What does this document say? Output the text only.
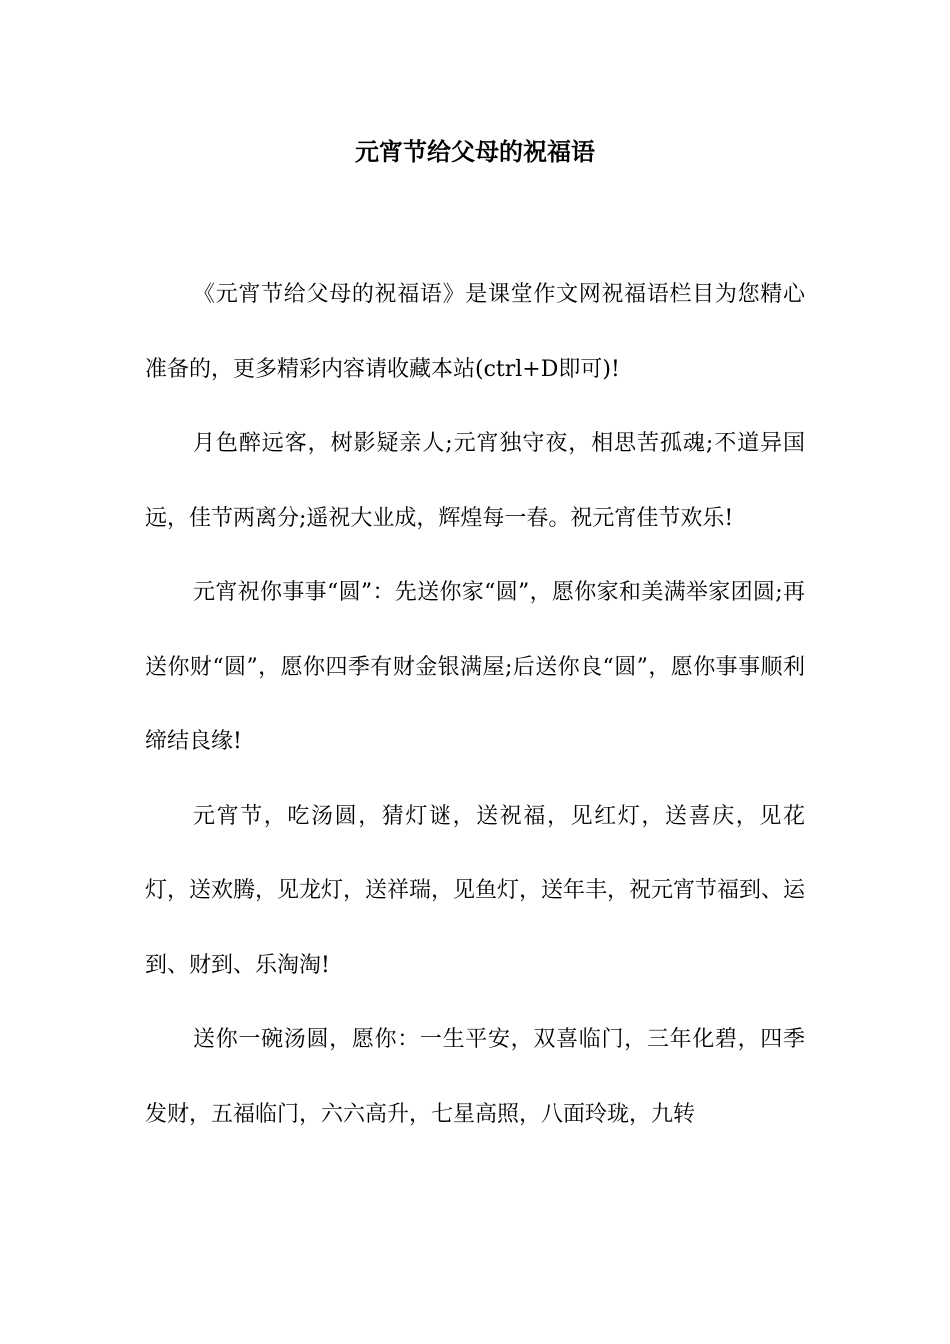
元宵节给父母的祝福语

《元宵节给父母的祝福语》是课堂作文网祝福语栏目为您精心准备的，更多精彩内容请收藏本站(ctrl+D即可)!

月色醉远客，树影疑亲人;元宵独守夜，相思苦孤魂;不道异国远，佳节两离分;遥祝大业成，辉煌每一春。祝元宵佳节欢乐!

元宵祝你事事“圆”：先送你家“圆”，愿你家和美满举家团圆;再送你财“圆”，愿你四季有财金银满屋;后送你良“圆”，愿你事事顺利缔结良缘!

元宵节，吃汤圆，猜灯谜，送祝福，见红灯，送喜庆，见花灯，送欢腾，见龙灯，送祥瑞，见鱼灯，送年丰，祝元宵节福到、运到、财到、乐淘淘!

送你一碗汤圆，愿你：一生平安，双喜临门，三年化碧，四季发财，五福临门，六六高升，七星高照，八面玲珑，九转
